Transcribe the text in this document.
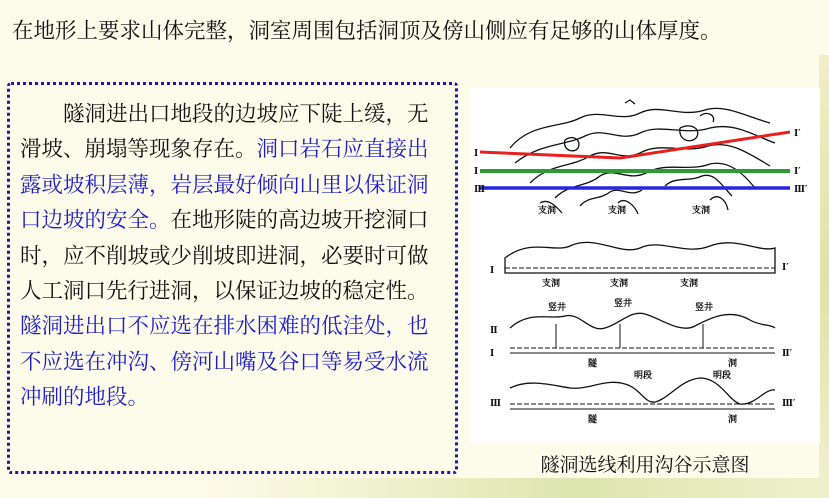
在地形上要求山体完整，洞室周围包括洞顶及傍山侧应有足够的山体厚度。

隧洞进出口地段的边坡应下陡上缓，无滑坡、崩塌等现象存在。洞口岩石应直接出露或坡积层薄，岩层最好倾向山里以保证洞口边坡的安全。在地形陡的高边坡开挖洞口时，应不削坡或少削坡即进洞，必要时可做人工洞口先行进洞，以保证边坡的稳定性。隧洞进出口不应选在排水困难的低洼处，也不应选在冲沟、傍河山嘴及谷口等易受水流冲刷的地段。

I
I
Ⅲ
I′
I′
Ⅲ′
支洞	支洞	支洞
I	I′
支洞	支洞	支洞
竖井	竖井	竖井
Ⅱ
I	Ⅱ′
隧	洞
明段	明段
Ⅲ	Ⅲ′
隧	洞
隧洞选线利用沟谷示意图
